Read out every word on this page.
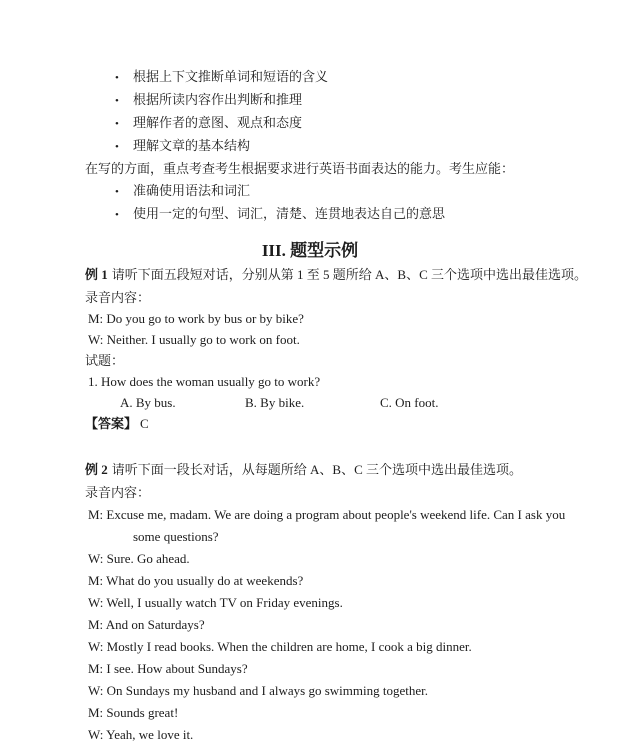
• 根据上下文推断单词和短语的含义
• 根据所读内容作出判断和推理
• 理解作者的意图、观点和态度
• 理解文章的基本结构

在写的方面，重点考查考生根据要求进行英语书面表达的能力。考生应能：

• 准确使用语法和词汇
• 使用一定的句型、词汇，清楚、连贯地表达自己的意思
III. 题型示例

例 1 请听下面五段短对话，分别从第 1 至 5 题所给 A、B、C 三个选项中选出最佳选项。

录音内容：

M: Do you go to work by bus or by bike?

W: Neither. I usually go to work on foot.

试题：

1. How does the woman usually go to work?

A. By bus.	B. By bike.	C. On foot.

【答案】 C

例 2 请听下面一段长对话，从每题所给 A、B、C 三个选项中选出最佳选项。

录音内容：

M: Excuse me, madam. We are doing a program about people's weekend life. Can I ask you

some questions?

W: Sure. Go ahead.

M: What do you usually do at weekends?

W: Well, I usually watch TV on Friday evenings.

M: And on Saturdays?

W: Mostly I read books. When the children are home, I cook a big dinner.

M: I see. How about Sundays?

W: On Sundays my husband and I always go swimming together.

M: Sounds great!

W: Yeah, we love it.
